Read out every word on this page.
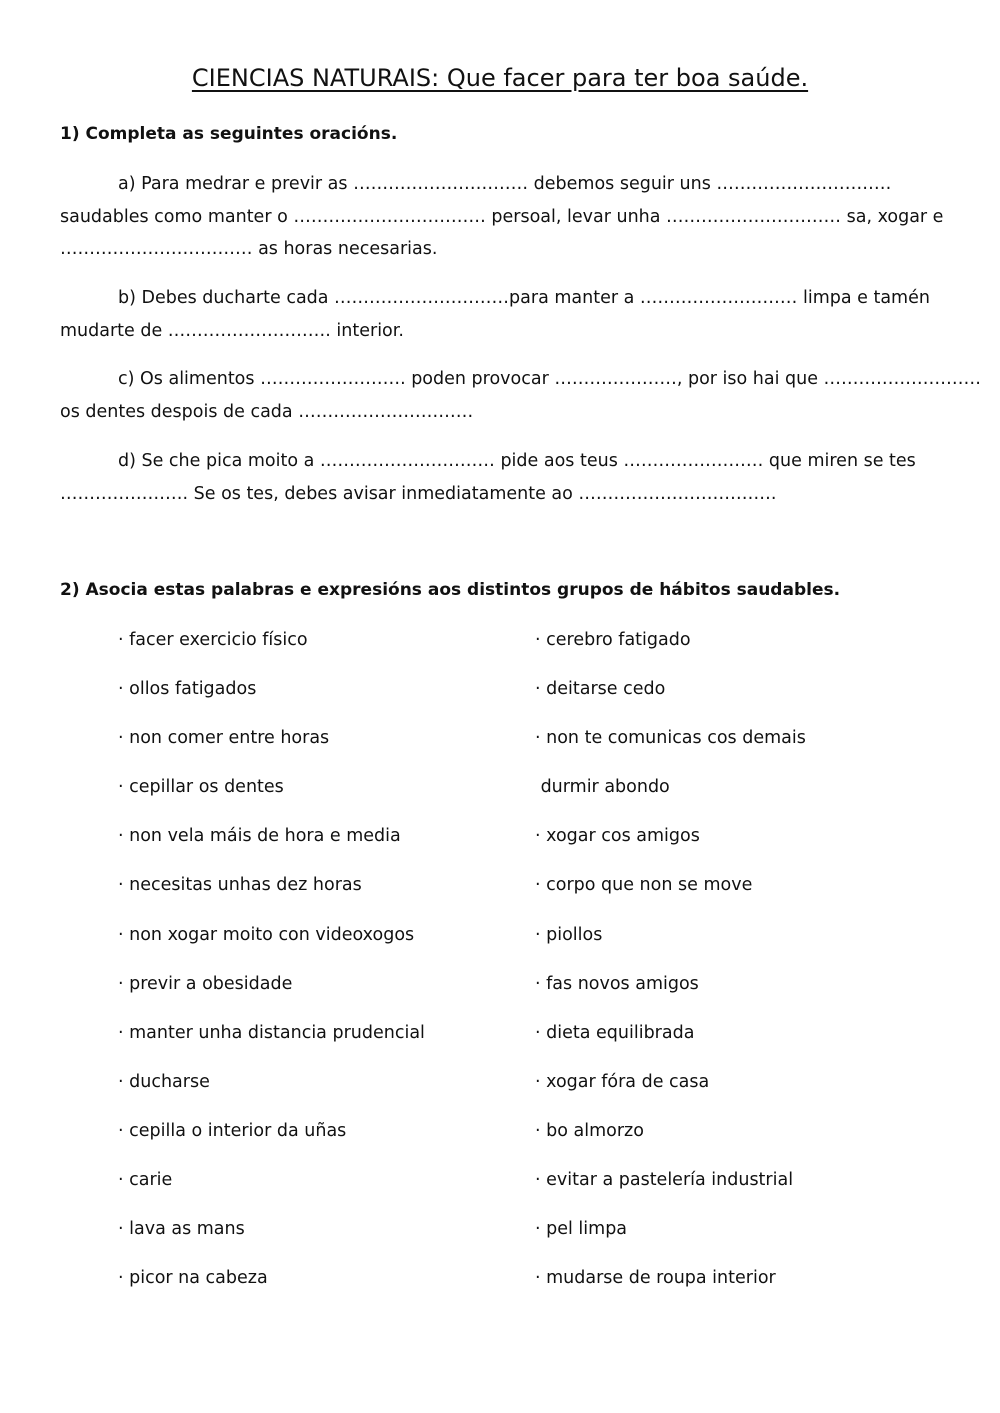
CIENCIAS NATURAIS: Que facer para ter boa saúde.

1) Completa as seguintes oracións.

a) Para medrar e previr as ………………………… debemos seguir uns …………………………
saudables como manter o …………………………… persoal, levar unha ………………………… sa, xogar e
…………………………… as horas necesarias.

b) Debes ducharte cada …………………………para manter a ……………………… limpa e tamén
mudarte de ………………………. interior.

c) Os alimentos ……………………. poden provocar …………………, por iso hai que ………………………
os dentes despois de cada …………………………

d) Se che pica moito a ………………………… pide aos teus …………………… que miren se tes
…………………. Se os tes, debes avisar inmediatamente ao …………………………….

2) Asocia estas palabras e expresións aos distintos grupos de hábitos saudables.

· facer exercicio físico
· ollos fatigados
· non comer entre horas
· cepillar os dentes
· non vela máis de hora e media
· necesitas unhas dez horas
· non xogar moito con videoxogos
· previr a obesidade
· manter unha distancia prudencial
· ducharse
· cepilla o interior da uñas
· carie
· lava as mans
· picor na cabeza
· cerebro fatigado
· deitarse cedo
· non te comunicas cos demais
durmir abondo
· xogar cos amigos
· corpo que non se move
· piollos
· fas novos amigos
· dieta equilibrada
· xogar fóra de casa
· bo almorzo
· evitar a pastelería industrial
· pel limpa
· mudarse de roupa interior
